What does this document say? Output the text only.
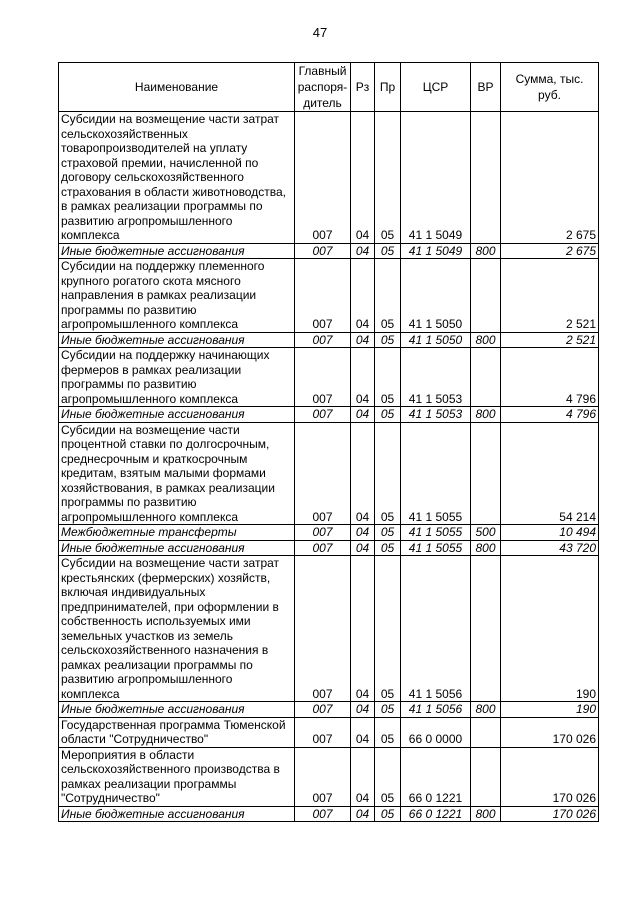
47
Наименование	Главный распоря-дитель	Рз	Пр	ЦСР	ВР	Сумма, тыс. руб.
Субсидии на возмещение части затрат сельскохозяйственных товаропроизводителей на уплату страховой премии, начисленной по договору сельскохозяйственного страхования в области животноводства, в рамках реализации программы по развитию агропромышленного комплекса	007	04	05	41 1 5049		2 675
Иные бюджетные ассигнования	007	04	05	41 1 5049	800	2 675
Субсидии на поддержку племенного крупного рогатого скота мясного направления в рамках реализации программы по развитию агропромышленного комплекса	007	04	05	41 1 5050		2 521
Иные бюджетные ассигнования	007	04	05	41 1 5050	800	2 521
Субсидии на поддержку начинающих фермеров в рамках реализации программы по развитию агропромышленного комплекса	007	04	05	41 1 5053		4 796
Иные бюджетные ассигнования	007	04	05	41 1 5053	800	4 796
Субсидии на возмещение части процентной ставки по долгосрочным, среднесрочным и краткосрочным кредитам, взятым малыми формами хозяйствования, в рамках реализации программы по развитию агропромышленного комплекса	007	04	05	41 1 5055		54 214
Межбюджетные трансферты	007	04	05	41 1 5055	500	10 494
Иные бюджетные ассигнования	007	04	05	41 1 5055	800	43 720
Субсидии на возмещение части затрат крестьянских (фермерских) хозяйств, включая индивидуальных предпринимателей, при оформлении в собственность используемых ими земельных участков из земель сельскохозяйственного назначения в рамках реализации программы по развитию агропромышленного комплекса	007	04	05	41 1 5056		190
Иные бюджетные ассигнования	007	04	05	41 1 5056	800	190
Государственная программа Тюменской области "Сотрудничество"	007	04	05	66 0 0000		170 026
Мероприятия в области сельскохозяйственного производства в рамках реализации программы "Сотрудничество"	007	04	05	66 0 1221		170 026
Иные бюджетные ассигнования	007	04	05	66 0 1221	800	170 026
